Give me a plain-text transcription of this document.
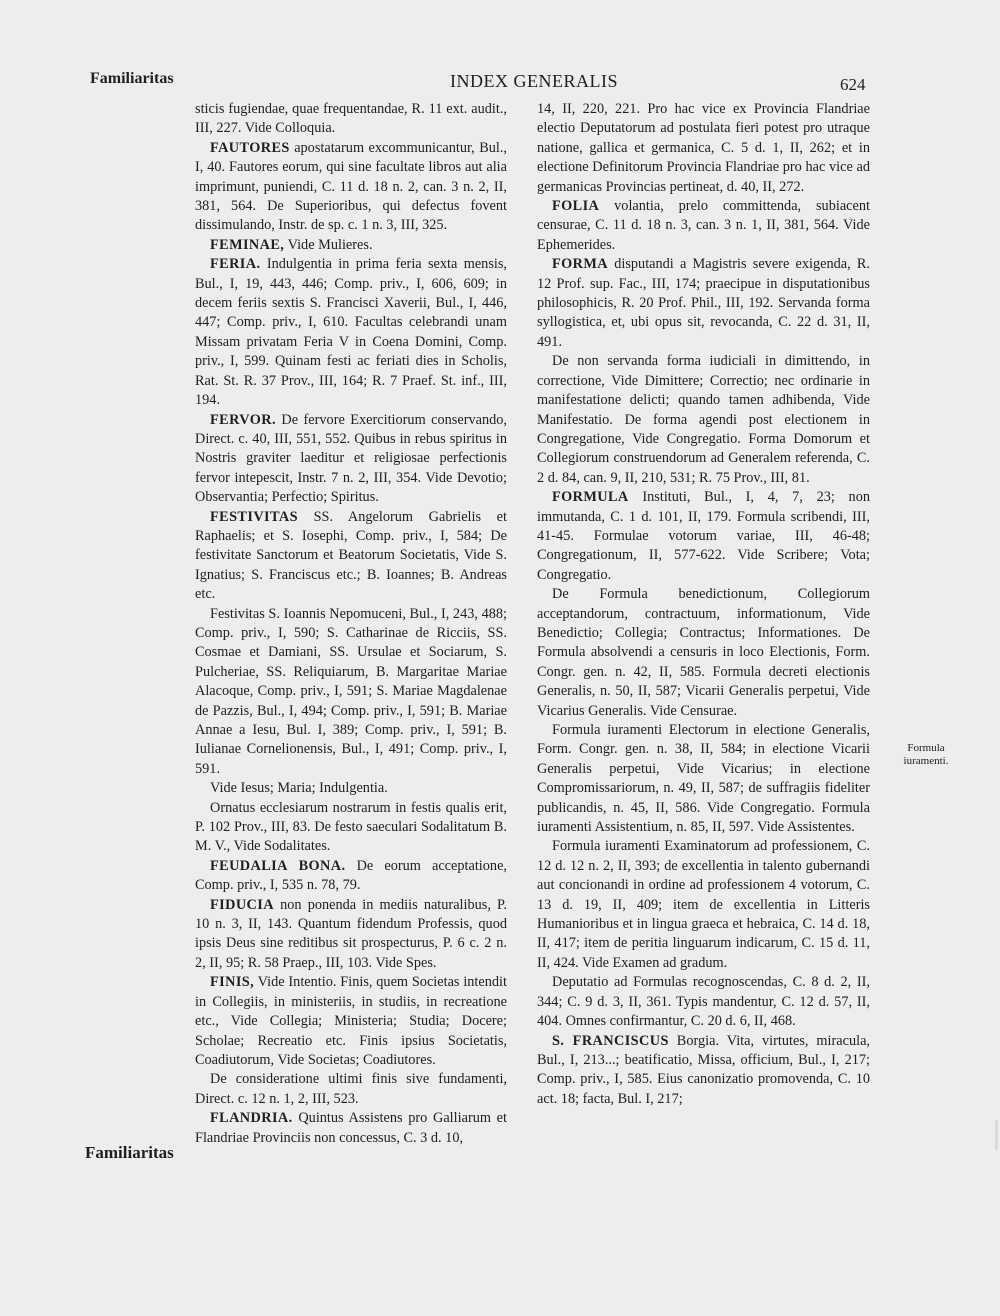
Familiaritas	INDEX GENERALIS	624

sticis fugiendae, quae frequentandae, R. 11 ext. audit., III, 227. Vide Colloquia.

FAUTORES apostatarum excommunicantur, Bul., I, 40. Fautores eorum, qui sine facultate libros aut alia imprimunt, puniendi, C. 11 d. 18 n. 2, can. 3 n. 2, II, 381, 564. De Superioribus, qui defectus fovent dissimulando, Instr. de sp. c. 1 n. 3, III, 325.

FEMINAE, Vide Mulieres.

FERIA. Indulgentia in prima feria sexta mensis, Bul., I, 19, 443, 446; Comp. priv., I, 606, 609; in decem feriis sextis S. Francisci Xaverii, Bul., I, 446, 447; Comp. priv., I, 610. Facultas celebrandi unam Missam privatam Feria V in Coena Domini, Comp. priv., I, 599. Quinam festi ac feriati dies in Scholis, Rat. St. R. 37 Prov., III, 164; R. 7 Praef. St. inf., III, 194.

FERVOR. De fervore Exercitiorum conservando, Direct. c. 40, III, 551, 552. Quibus in rebus spiritus in Nostris graviter laeditur et religiosae perfectionis fervor intepescit, Instr. 7 n. 2, III, 354. Vide Devotio; Observantia; Perfectio; Spiritus.

FESTIVITAS SS. Angelorum Gabrielis et Raphaelis; et S. Iosephi, Comp. priv., I, 584; De festivitate Sanctorum et Beatorum Societatis, Vide S. Ignatius; S. Franciscus etc.; B. Ioannes; B. Andreas etc.

Festivitas S. Ioannis Nepomuceni, Bul., I, 243, 488; Comp. priv., I, 590; S. Catharinae de Ricciis, SS. Cosmae et Damiani, SS. Ursulae et Sociarum, S. Pulcheriae, SS. Reliquiarum, B. Margaritae Mariae Alacoque, Comp. priv., I, 591; S. Mariae Magdalenae de Pazzis, Bul., I, 494; Comp. priv., I, 591; B. Mariae Annae a Iesu, Bul. I, 389; Comp. priv., I, 591; B. Iulianae Cornelionensis, Bul., I, 491; Comp. priv., I, 591.

Vide Iesus; Maria; Indulgentia.

Ornatus ecclesiarum nostrarum in festis qualis erit, P. 102 Prov., III, 83. De festo saeculari Sodalitatum B. M. V., Vide Sodalitates.

FEUDALIA BONA. De eorum acceptatione, Comp. priv., I, 535 n. 78, 79.

FIDUCIA non ponenda in mediis naturalibus, P. 10 n. 3, II, 143. Quantum fidendum Professis, quod ipsis Deus sine reditibus sit prospecturus, P. 6 c. 2 n. 2, II, 95; R. 58 Praep., III, 103. Vide Spes.

FINIS, Vide Intentio. Finis, quem Societas intendit in Collegiis, in ministeriis, in studiis, in recreatione etc., Vide Collegia; Ministeria; Studia; Docere; Scholae; Recreatio etc. Finis ipsius Societatis, Coadiutorum, Vide Societas; Coadiutores.

De consideratione ultimi finis sive fundamenti, Direct. c. 12 n. 1, 2, III, 523.

FLANDRIA. Quintus Assistens pro Galliarum et Flandriae Provinciis non concessus, C. 3 d. 10,

14, II, 220, 221. Pro hac vice ex Provincia Flandriae electio Deputatorum ad postulata fieri potest pro utraque natione, gallica et germanica, C. 5 d. 1, II, 262; et in electione Definitorum Provinciа Flandriae pro hac vice ad germanicas Provincias pertineat, d. 40, II, 272.

FOLIA volantia, prelo committenda, subiacent censurae, C. 11 d. 18 n. 3, can. 3 n. 1, II, 381, 564. Vide Ephemerides.

FORMA disputandi a Magistris severe exigenda, R. 12 Prof. sup. Fac., III, 174; praecipue in disputationibus philosophicis, R. 20 Prof. Phil., III, 192. Servanda forma syllogistica, et, ubi opus sit, revocanda, C. 22 d. 31, II, 491.

De non servanda forma iudiciali in dimittendo, in correctione, Vide Dimittere; Correctio; nec ordinarie in manifestatione delicti; quando tamen adhibenda, Vide Manifestatio. De forma agendi post electionem in Congregatione, Vide Congregatio. Forma Domorum et Collegiorum construendorum ad Generalem referenda, C. 2 d. 84, can. 9, II, 210, 531; R. 75 Prov., III, 81.

FORMULA Instituti, Bul., I, 4, 7, 23; non immutanda, C. 1 d. 101, II, 179. Formula scribendi, III, 41-45. Formulae votorum variae, III, 46-48; Congregationum, II, 577-622. Vide Scribere; Vota; Congregatio.

De Formula benedictionum, Collegiorum acceptandorum, contractuum, informationum, Vide Benedictio; Collegia; Contractus; Informationes. De Formula absolvendi a censuris in loco Electionis, Form. Congr. gen. n. 42, II, 585. Formula decreti electionis Generalis, n. 50, II, 587; Vicarii Generalis perpetui, Vide Vicarius Generalis. Vide Censurae.

Formula iuramenti Electorum in electione Generalis, Form. Congr. gen. n. 38, II, 584; in electione Vicarii Generalis perpetui, Vide Vicarius; in electione Compromissariorum, n. 49, II, 587; de suffragiis fideliter publicandis, n. 45, II, 586. Vide Congregatio. Formula iuramenti Assistentium, n. 85, II, 597. Vide Assistentes.

Formula iuramenti Examinatorum ad professionem, C. 12 d. 12 n. 2, II, 393; de excellentia in talento gubernandi aut concionandi in ordine ad professionem 4 votorum, C. 13 d. 19, II, 409; item de excellentia in Litteris Humanioribus et in lingua graeca et hebraica, C. 14 d. 18, II, 417; item de peritia linguarum indicarum, C. 15 d. 11, II, 424. Vide Examen ad gradum.

Deputatio ad Formulas recognoscendas, C. 8 d. 2, II, 344; C. 9 d. 3, II, 361. Typis mandentur, C. 12 d. 57, II, 404. Omnes confirmantur, C. 20 d. 6, II, 468.

S. FRANCISCUS Borgia. Vita, virtutes, miracula, Bul., I, 213...; beatificatio, Missa, officium, Bul., I, 217; Comp. priv., I, 585. Eius canonizatio promovenda, C. 10 act. 18; facta, Bul. I, 217;

Formula iuramenti.
Familiaritas
